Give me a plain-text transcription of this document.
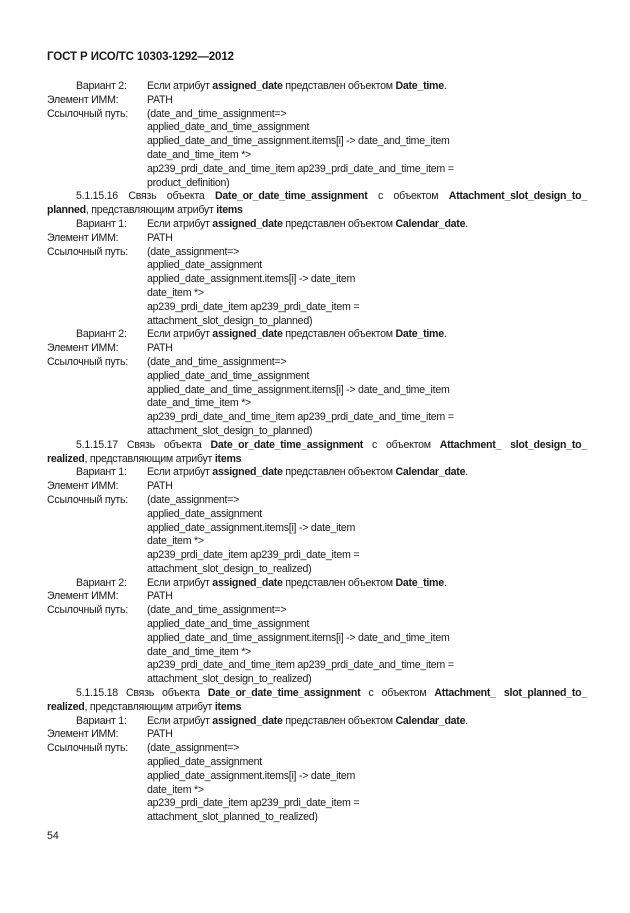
ГОСТ Р ИСО/ТС 10303-1292—2012
Вариант 2: Если атрибут assigned_date представлен объектом Date_time.
Элемент ИММ:	PATH
Ссылочный путь: (date_and_time_assignment=>
applied_date_and_time_assignment
applied_date_and_time_assignment.items[i] -> date_and_time_item
date_and_time_item *>
ap239_prdi_date_and_time_item ap239_prdi_date_and_time_item =
product_definition)
5.1.15.16 Связь объекта Date_or_date_time_assignment с объектом Attachment_slot_design_to_
planned, представляющим атрибут items
Вариант 1: Если атрибут assigned_date представлен объектом Calendar_date.
Элемент ИММ:	PATH
Ссылочный путь: (date_assignment=>
applied_date_assignment
applied_date_assignment.items[i] -> date_item
date_item *>
ap239_prdi_date_item ap239_prdi_date_item =
attachment_slot_design_to_planned)
Вариант 2: Если атрибут assigned_date представлен объектом Date_time.
Элемент ИММ:	PATH
Ссылочный путь: (date_and_time_assignment=>
applied_date_and_time_assignment
applied_date_and_time_assignment.items[i] -> date_and_time_item
date_and_time_item *>
ap239_prdi_date_and_time_item ap239_prdi_date_and_time_item =
attachment_slot_design_to_planned)
5.1.15.17 Связь объекта Date_or_date_time_assignment с объектом Attachment_ slot_design_to_
realized, представляющим атрибут items
Вариант 1: Если атрибут assigned_date представлен объектом Calendar_date.
Элемент ИММ:	PATH
Ссылочный путь: (date_assignment=>
applied_date_assignment
applied_date_assignment.items[i] -> date_item
date_item *>
ap239_prdi_date_item ap239_prdi_date_item =
attachment_slot_design_to_realized)
Вариант 2: Если атрибут assigned_date представлен объектом Date_time.
Элемент ИММ:	PATH
Ссылочный путь: (date_and_time_assignment=>
applied_date_and_time_assignment
applied_date_and_time_assignment.items[i] -> date_and_time_item
date_and_time_item *>
ap239_prdi_date_and_time_item ap239_prdi_date_and_time_item =
attachment_slot_design_to_realized)
5.1.15.18 Связь объекта Date_or_date_time_assignment с объектом Attachment_ slot_planned_to_
realized, представляющим атрибут items
Вариант 1: Если атрибут assigned_date представлен объектом Calendar_date.
Элемент ИММ:	PATH
Ссылочный путь: (date_assignment=>
applied_date_assignment
applied_date_assignment.items[i] -> date_item
date_item *>
ap239_prdi_date_item ap239_prdi_date_item =
attachment_slot_planned_to_realized)
54
